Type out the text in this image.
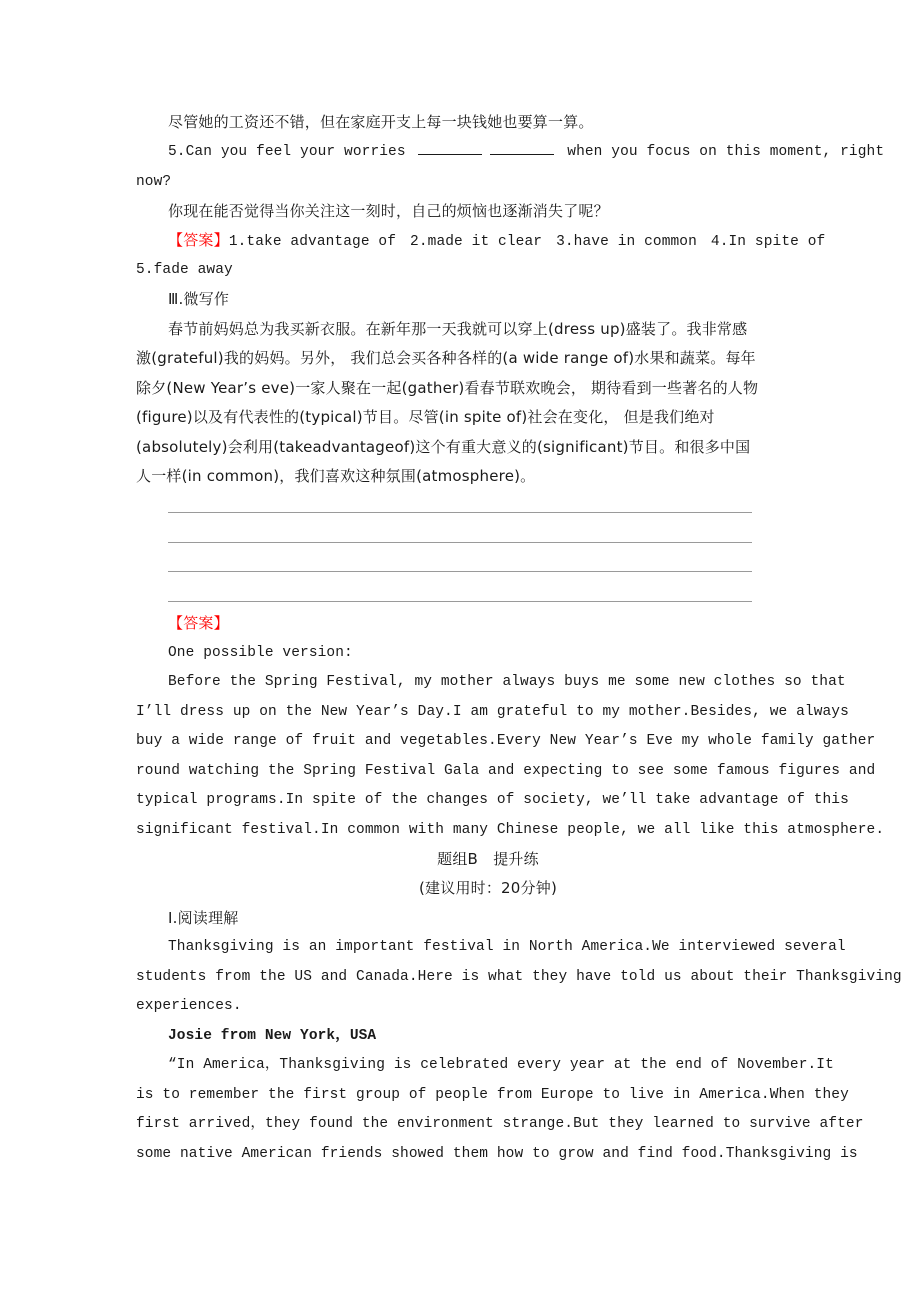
尽管她的工资还不错，但在家庭开支上每一块钱她也要算一算。
5.Can you feel your worries	when you focus on this moment, right
now?
你现在能否觉得当你关注这一刻时，自己的烦恼也逐渐消失了呢？
【答案】1.take advantage of 2.made it clear 3.have in common 4.In spite of
5.fade away
Ⅲ.微写作
春节前妈妈总为我买新衣服。在新年那一天我就可以穿上(dress up)盛装了。我非常感
激(grateful)我的妈妈。另外， 我们总会买各种各样的(a wide range of)水果和蔬菜。每年
除夕(New Year’s eve)一家人聚在一起(gather)看春节联欢晚会， 期待看到一些著名的人物
(figure)以及有代表性的(typical)节目。尽管(in spite of)社会在变化， 但是我们绝对
(absolutely)会利用(takeadvantageof)这个有重大意义的(significant)节目。和很多中国
人一样(in common)，我们喜欢这种氛围(atmosphere)。
【答案】
One possible version:
Before the Spring Festival, my mother always buys me some new clothes so that
I’ll dress up on the New Year’s Day.I am grateful to my mother.Besides, we always
buy a wide range of fruit and vegetables.Every New Year’s Eve my whole family gather
round watching the Spring Festival Gala and expecting to see some famous figures and
typical programs.In spite of the changes of society, we’ll take advantage of this
significant festival.In common with many Chinese people, we all like this atmosphere.
题组B　提升练
(建议用时：20分钟)
Ⅰ.阅读理解
Thanksgiving is an important festival in North America.We interviewed several
students from the US and Canada.Here is what they have told us about their Thanksgiving
experiences.
Josie from New York，USA
“In America，Thanksgiving is celebrated every year at the end of November.It
is to remember the first group of people from Europe to live in America.When they
first arrived，they found the environment strange.But they learned to survive after
some native American friends showed them how to grow and find food.Thanksgiving is
